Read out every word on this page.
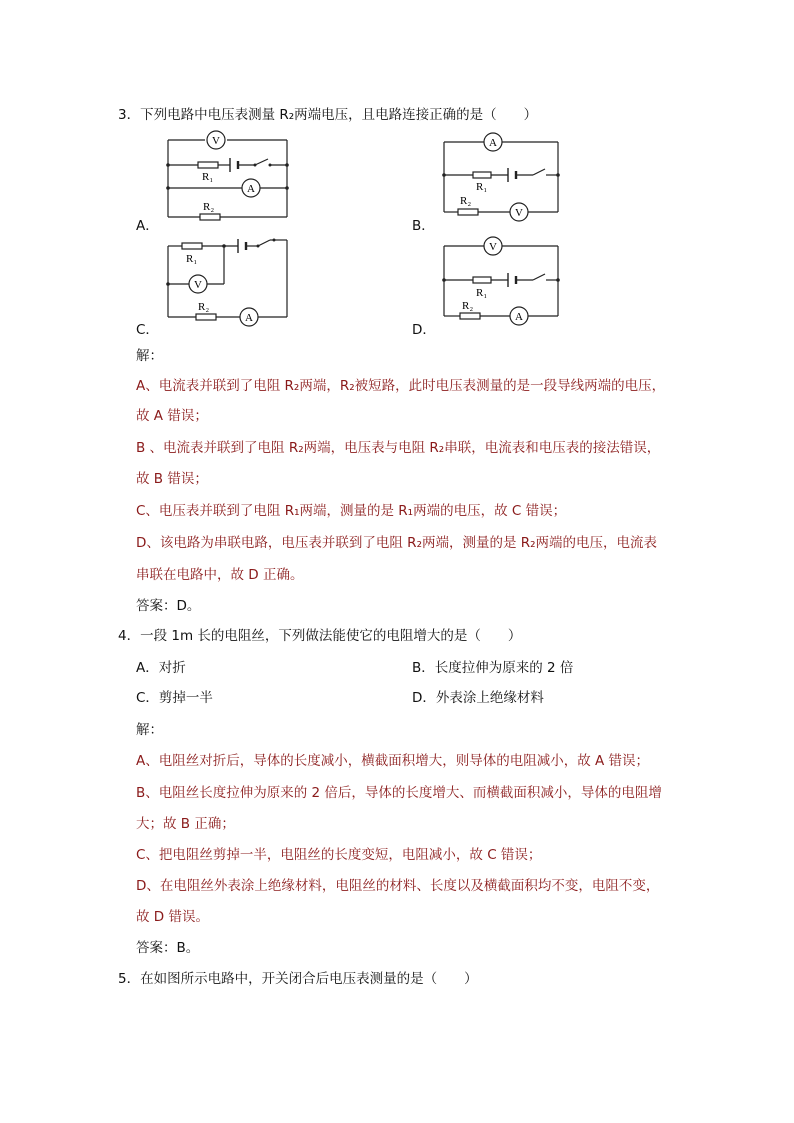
3．下列电路中电压表测量 R₂两端电压，且电路连接正确的是（　　）
A．
V
A
R₁
R₂
B．
A
V
R₁
R₂
C．
V
A
R₁
R₂
D．
V
A
R₁
R₂
解：
A、电流表并联到了电阻 R₂两端，R₂被短路，此时电压表测量的是一段导线两端的电压，
故 A 错误；
B 、电流表并联到了电阻 R₂两端，电压表与电阻 R₂串联，电流表和电压表的接法错误，
故 B 错误；
C、电压表并联到了电阻 R₁两端，测量的是 R₁两端的电压，故 C 错误；
D、该电路为串联电路，电压表并联到了电阻 R₂两端，测量的是 R₂两端的电压，电流表
串联在电路中，故 D 正确。
答案：D。
4．一段 1m 长的电阻丝，下列做法能使它的电阻增大的是（　　）
A．对折	B．长度拉伸为原来的 2 倍
C．剪掉一半	D．外表涂上绝缘材料
解：
A、电阻丝对折后，导体的长度减小，横截面积增大，则导体的电阻减小，故 A 错误；
B、电阻丝长度拉伸为原来的 2 倍后，导体的长度增大、而横截面积减小，导体的电阻增
大；故 B 正确；
C、把电阻丝剪掉一半，电阻丝的长度变短，电阻减小，故 C 错误；
D、在电阻丝外表涂上绝缘材料，电阻丝的材料、长度以及横截面积均不变，电阻不变，
故 D 错误。
答案：B。
5．在如图所示电路中，开关闭合后电压表测量的是（　　）
